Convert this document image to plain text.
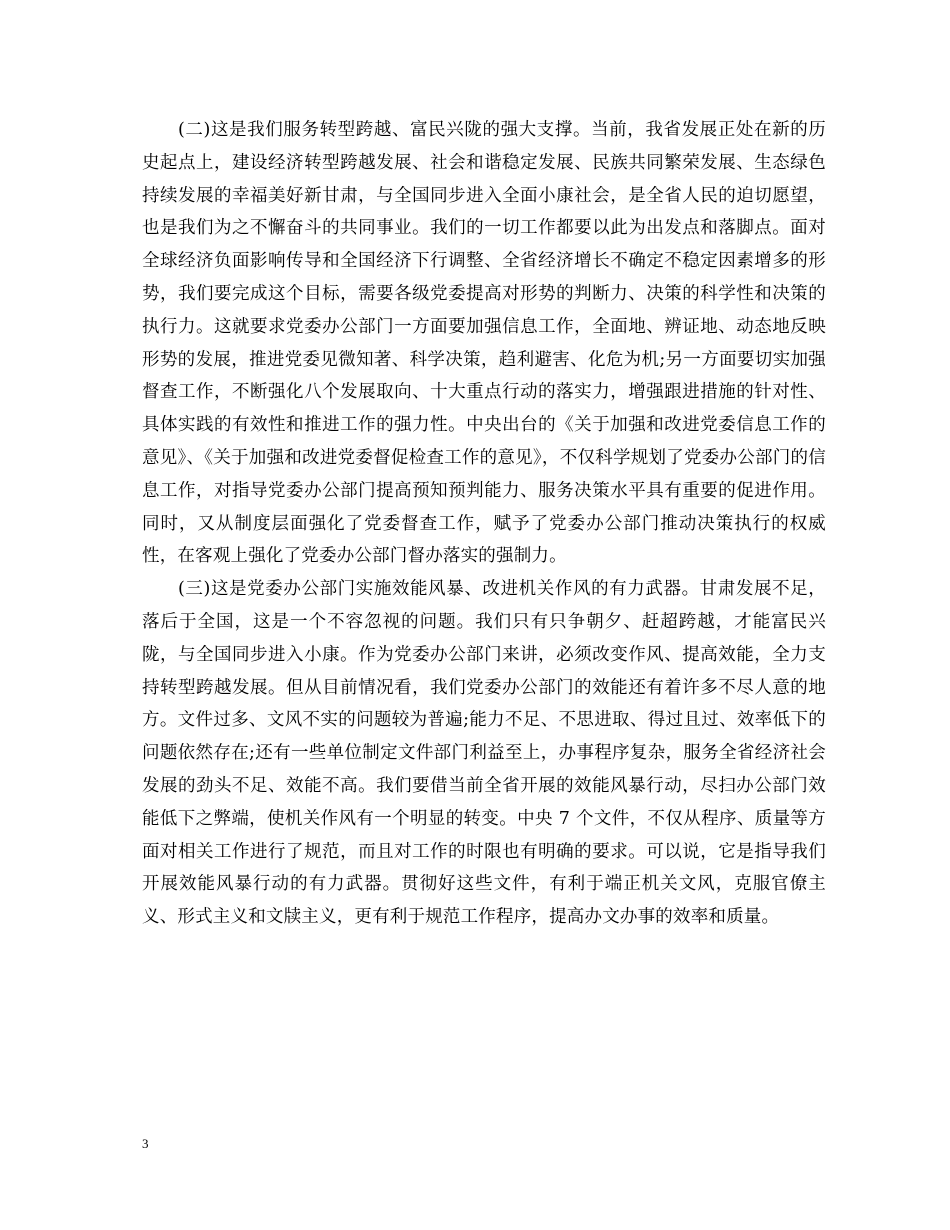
(二)这是我们服务转型跨越、富民兴陇的强大支撑。当前，我省发展正处在新的历史起点上，建设经济转型跨越发展、社会和谐稳定发展、民族共同繁荣发展、生态绿色持续发展的幸福美好新甘肃，与全国同步进入全面小康社会，是全省人民的迫切愿望，也是我们为之不懈奋斗的共同事业。我们的一切工作都要以此为出发点和落脚点。面对全球经济负面影响传导和全国经济下行调整、全省经济增长不确定不稳定因素增多的形势，我们要完成这个目标，需要各级党委提高对形势的判断力、决策的科学性和决策的执行力。这就要求党委办公部门一方面要加强信息工作，全面地、辨证地、动态地反映形势的发展，推进党委见微知著、科学决策，趋利避害、化危为机;另一方面要切实加强督查工作，不断强化八个发展取向、十大重点行动的落实力，增强跟进措施的针对性、具体实践的有效性和推进工作的强力性。中央出台的《关于加强和改进党委信息工作的意见》、《关于加强和改进党委督促检查工作的意见》，不仅科学规划了党委办公部门的信息工作，对指导党委办公部门提高预知预判能力、服务决策水平具有重要的促进作用。同时，又从制度层面强化了党委督查工作，赋予了党委办公部门推动决策执行的权威性，在客观上强化了党委办公部门督办落实的强制力。

(三)这是党委办公部门实施效能风暴、改进机关作风的有力武器。甘肃发展不足，落后于全国，这是一个不容忽视的问题。我们只有只争朝夕、赶超跨越，才能富民兴陇，与全国同步进入小康。作为党委办公部门来讲，必须改变作风、提高效能，全力支持转型跨越发展。但从目前情况看，我们党委办公部门的效能还有着许多不尽人意的地方。文件过多、文风不实的问题较为普遍;能力不足、不思进取、得过且过、效率低下的问题依然存在;还有一些单位制定文件部门利益至上，办事程序复杂，服务全省经济社会发展的劲头不足、效能不高。我们要借当前全省开展的效能风暴行动，尽扫办公部门效能低下之弊端，使机关作风有一个明显的转变。中央 7 个文件，不仅从程序、质量等方面对相关工作进行了规范，而且对工作的时限也有明确的要求。可以说，它是指导我们开展效能风暴行动的有力武器。贯彻好这些文件，有利于端正机关文风，克服官僚主义、形式主义和文牍主义，更有利于规范工作程序，提高办文办事的效率和质量。

3
